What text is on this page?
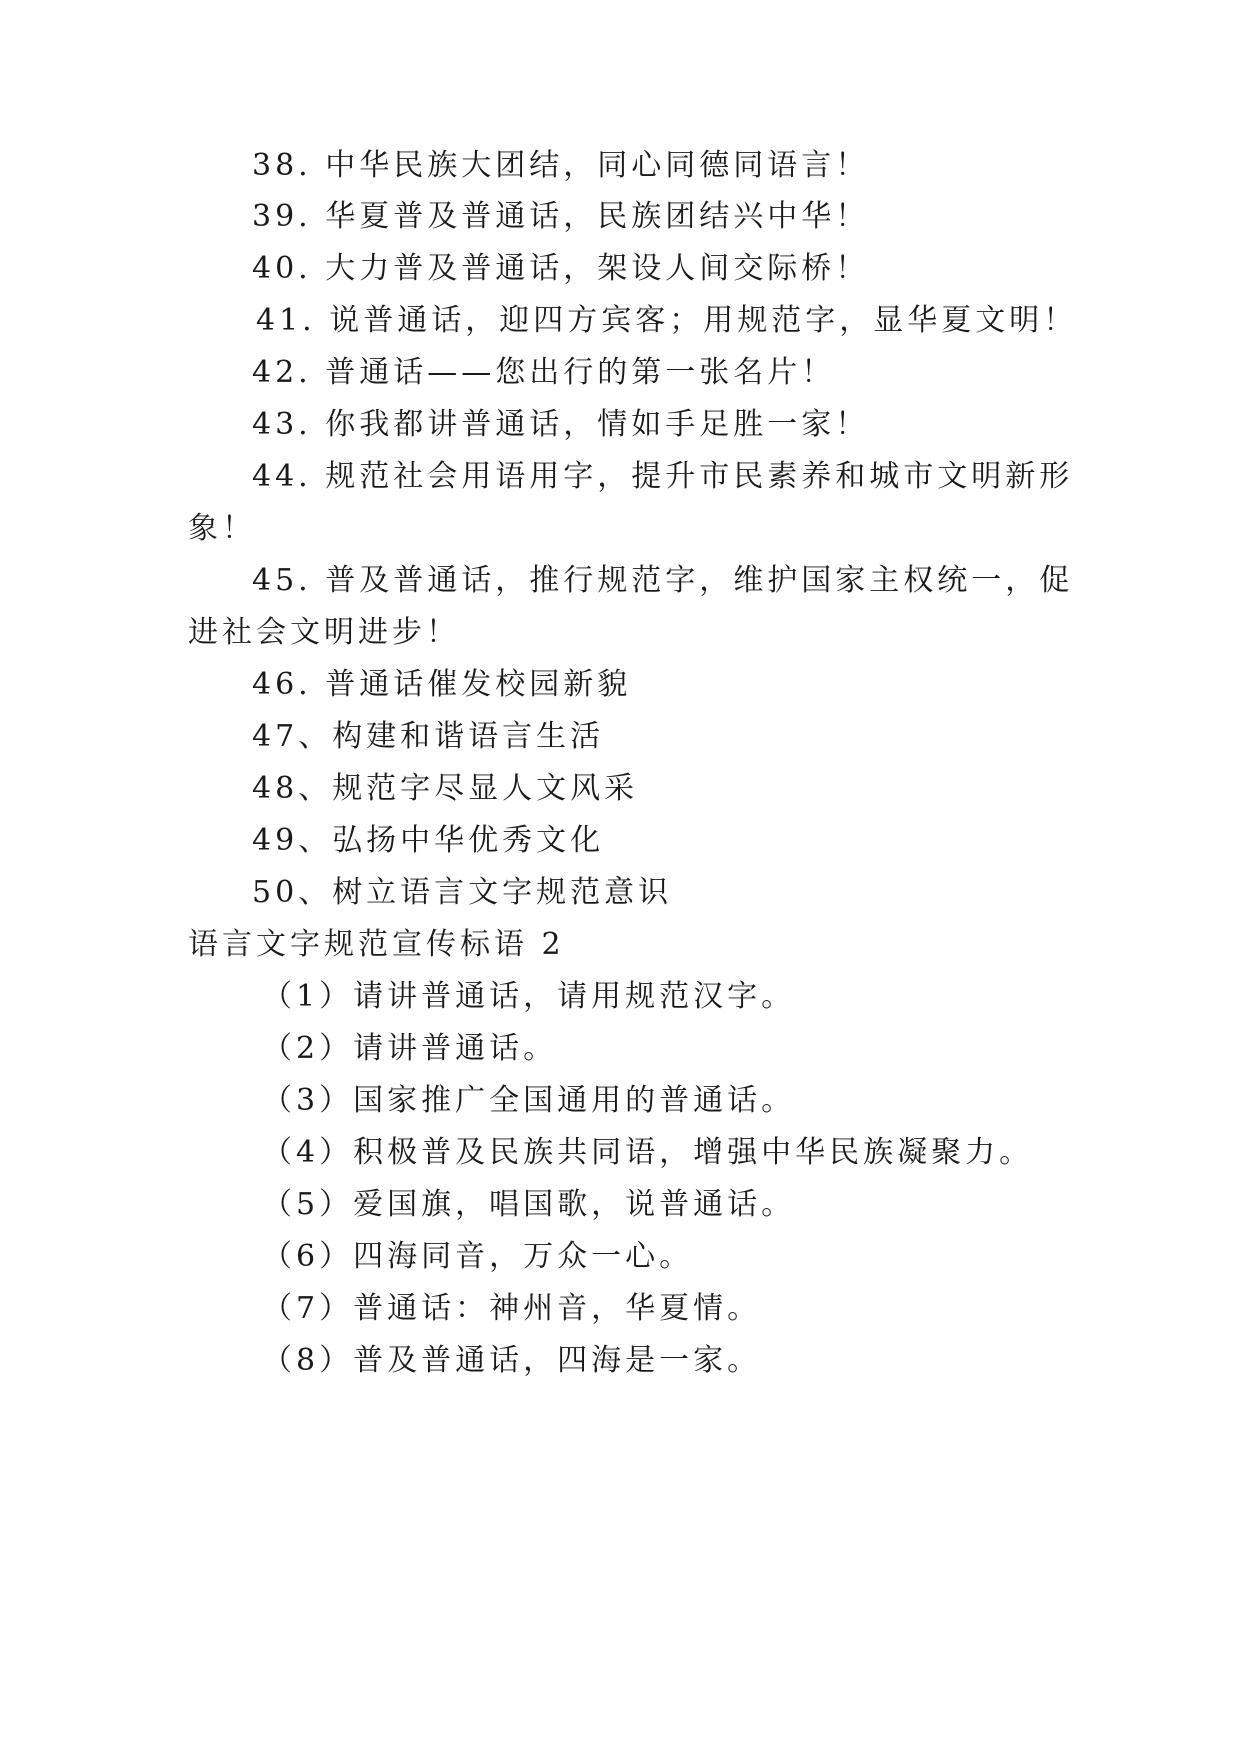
38. 中华民族大团结，同心同德同语言！

39. 华夏普及普通话，民族团结兴中华！

40. 大力普及普通话，架设人间交际桥！

41. 说普通话，迎四方宾客；用规范字，显华夏文明！

42. 普通话——您出行的第一张名片！

43. 你我都讲普通话，情如手足胜一家！

44. 规范社会用语用字，提升市民素养和城市文明新形

象！

45. 普及普通话，推行规范字，维护国家主权统一，促

进社会文明进步！

46. 普通话催发校园新貌

47、构建和谐语言生活

48、规范字尽显人文风采

49、弘扬中华优秀文化

50、树立语言文字规范意识

语言文字规范宣传标语 2

（1）请讲普通话，请用规范汉字。

（2）请讲普通话。

（3）国家推广全国通用的普通话。

（4）积极普及民族共同语，增强中华民族凝聚力。

（5）爱国旗，唱国歌，说普通话。

（6）四海同音，万众一心。

（7）普通话：神州音，华夏情。

（8）普及普通话，四海是一家。
